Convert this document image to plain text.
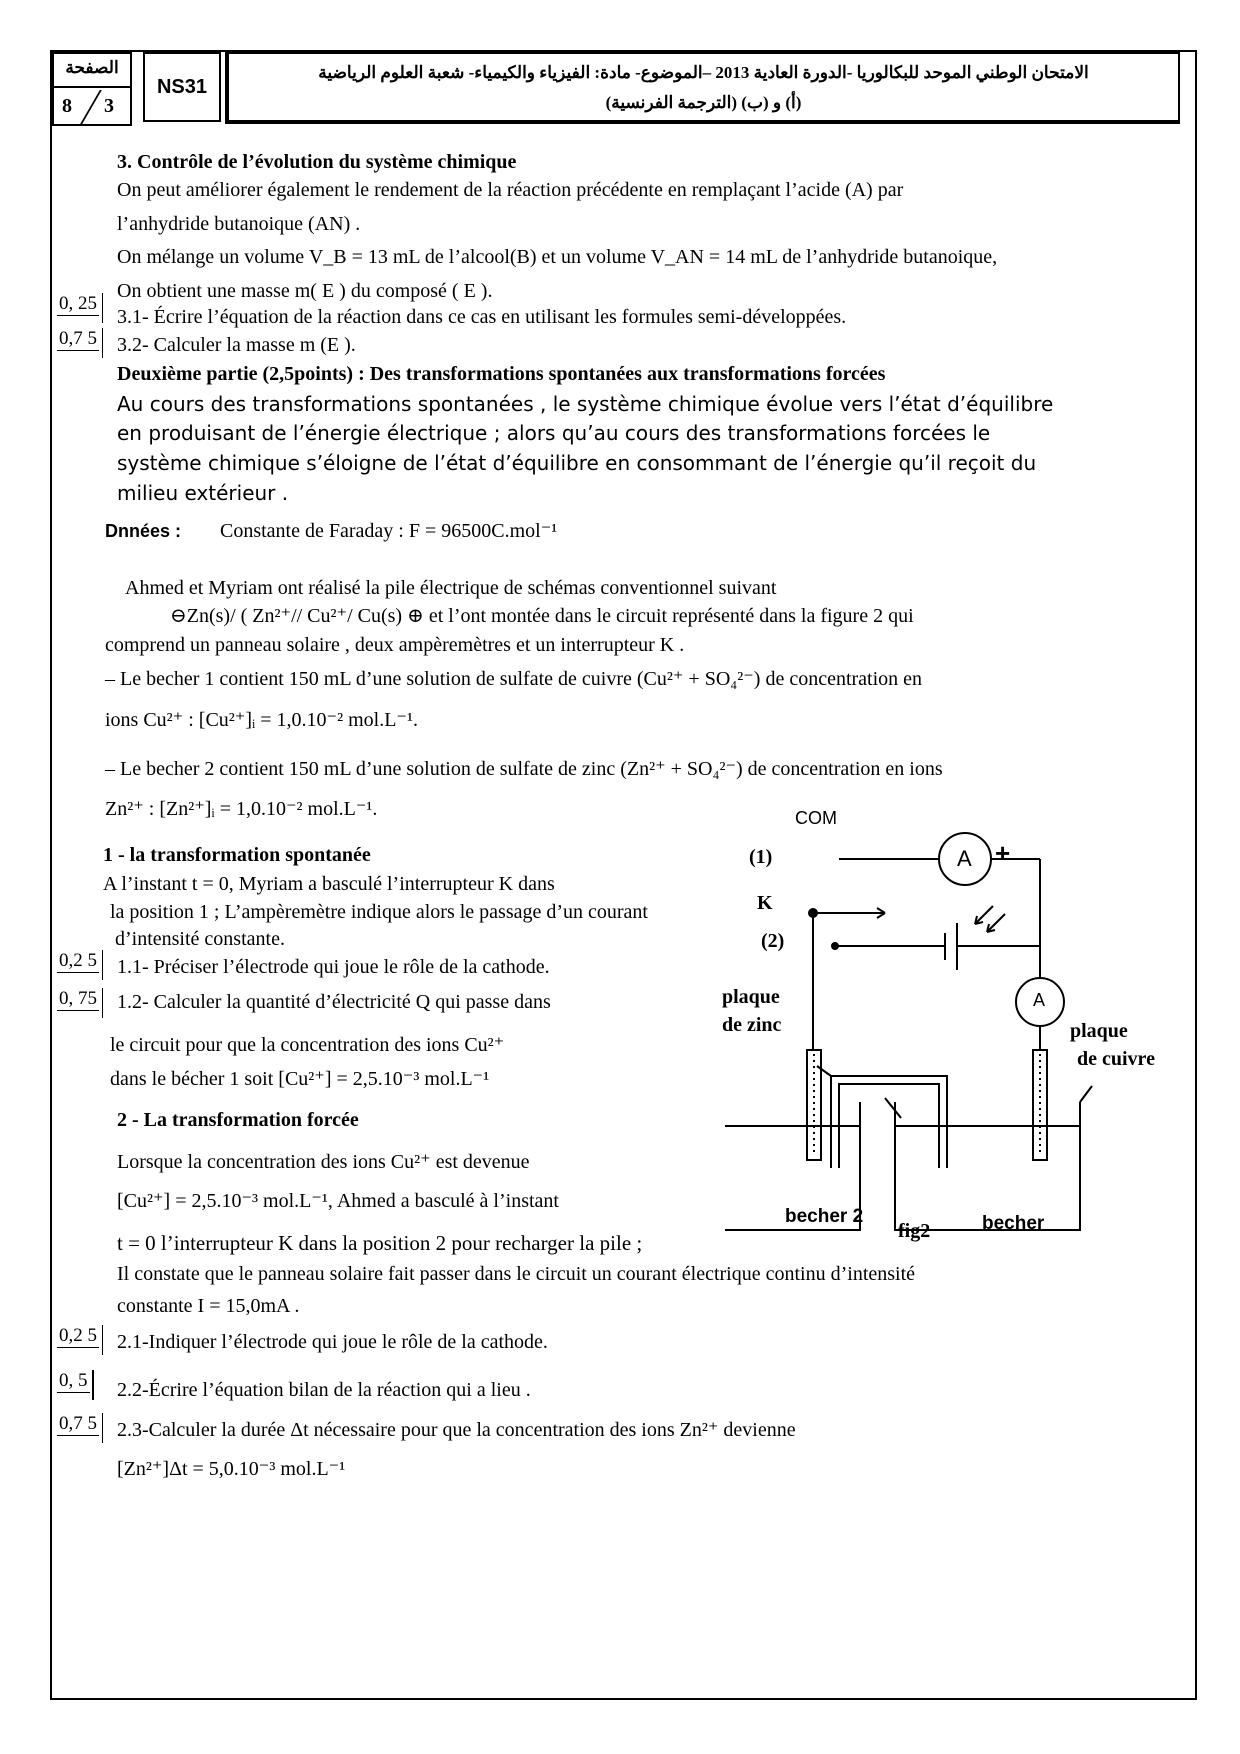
الصفحة
8 3
NS31
الامتحان الوطني الموحد للبكالوريا -الدورة العادية 2013 –الموضوع- مادة: الفيزياء والكيمياء- شعبة العلوم الرياضية
(أ) و (ب) (الترجمة الفرنسية)
3. Contrôle de l’évolution du système chimique
On peut améliorer également le rendement de la réaction précédente en remplaçant l’acide (A) par
l’anhydride butanoique (AN) .
On mélange un volume V_B = 13 mL de l’alcool(B) et un volume V_AN = 14 mL de l’anhydride butanoique,
On obtient une masse m( E ) du composé ( E ).
3.1- Écrire l’équation de la réaction dans ce cas en utilisant les formules semi-développées.
3.2- Calculer la masse m (E ).
Deuxième partie (2,5points) : Des transformations spontanées aux transformations forcées
Au cours des transformations spontanées , le système chimique évolue vers l’état d’équilibre
en produisant de l’énergie électrique ; alors qu’au cours des transformations forcées le
système chimique s’éloigne de l’état d’équilibre en consommant de l’énergie qu’il reçoit du
milieu extérieur .
Dnnées : Constante de Faraday : F = 96500C.mol⁻¹
Ahmed et Myriam ont réalisé la pile électrique de schémas conventionnel suivant
⊖Zn(s)/ ( Zn²⁺// Cu²⁺/ Cu(s) ⊕ et l’ont montée dans le circuit représenté dans la figure 2 qui
comprend un panneau solaire , deux ampèremètres et un interrupteur K .
– Le becher 1 contient 150 mL d’une solution de sulfate de cuivre (Cu²⁺ + SO₄²⁻) de concentration en
ions Cu²⁺ : [Cu²⁺]ᵢ = 1,0.10⁻² mol.L⁻¹.
– Le becher 2 contient 150 mL d’une solution de sulfate de zinc (Zn²⁺ + SO₄²⁻) de concentration en ions
Zn²⁺ : [Zn²⁺]ᵢ = 1,0.10⁻² mol.L⁻¹.
1 - la transformation spontanée
A l’instant t = 0, Myriam a basculé l’interrupteur K dans
la position 1 ; L’ampèremètre indique alors le passage d’un courant
d’intensité constante.
1.1- Préciser l’électrode qui joue le rôle de la cathode.
1.2- Calculer la quantité d’électricité Q qui passe dans
le circuit pour que la concentration des ions Cu²⁺
dans le bécher 1 soit [Cu²⁺] = 2,5.10⁻³ mol.L⁻¹
2 - La transformation forcée
Lorsque la concentration des ions Cu²⁺ est devenue
[Cu²⁺] = 2,5.10⁻³ mol.L⁻¹, Ahmed a basculé à l’instant
t = 0 l’interrupteur K dans la position 2 pour recharger la pile ;
Il constate que le panneau solaire fait passer dans le circuit un courant électrique continu d’intensité
constante I = 15,0mA .
2.1-Indiquer l’électrode qui joue le rôle de la cathode.
2.2-Écrire l’équation bilan de la réaction qui a lieu .
2.3-Calculer la durée Δt nécessaire pour que la concentration des ions Zn²⁺ devienne
[Zn²⁺]Δt = 5,0.10⁻³ mol.L⁻¹
0, 25
0,7 5
0,2 5
0, 75
0,2 5
0, 5
0,7 5
COM
(1)
(2)
K
A +
A
plaque
de zinc	plaque
de cuivre
becher 2	becher
fig2
